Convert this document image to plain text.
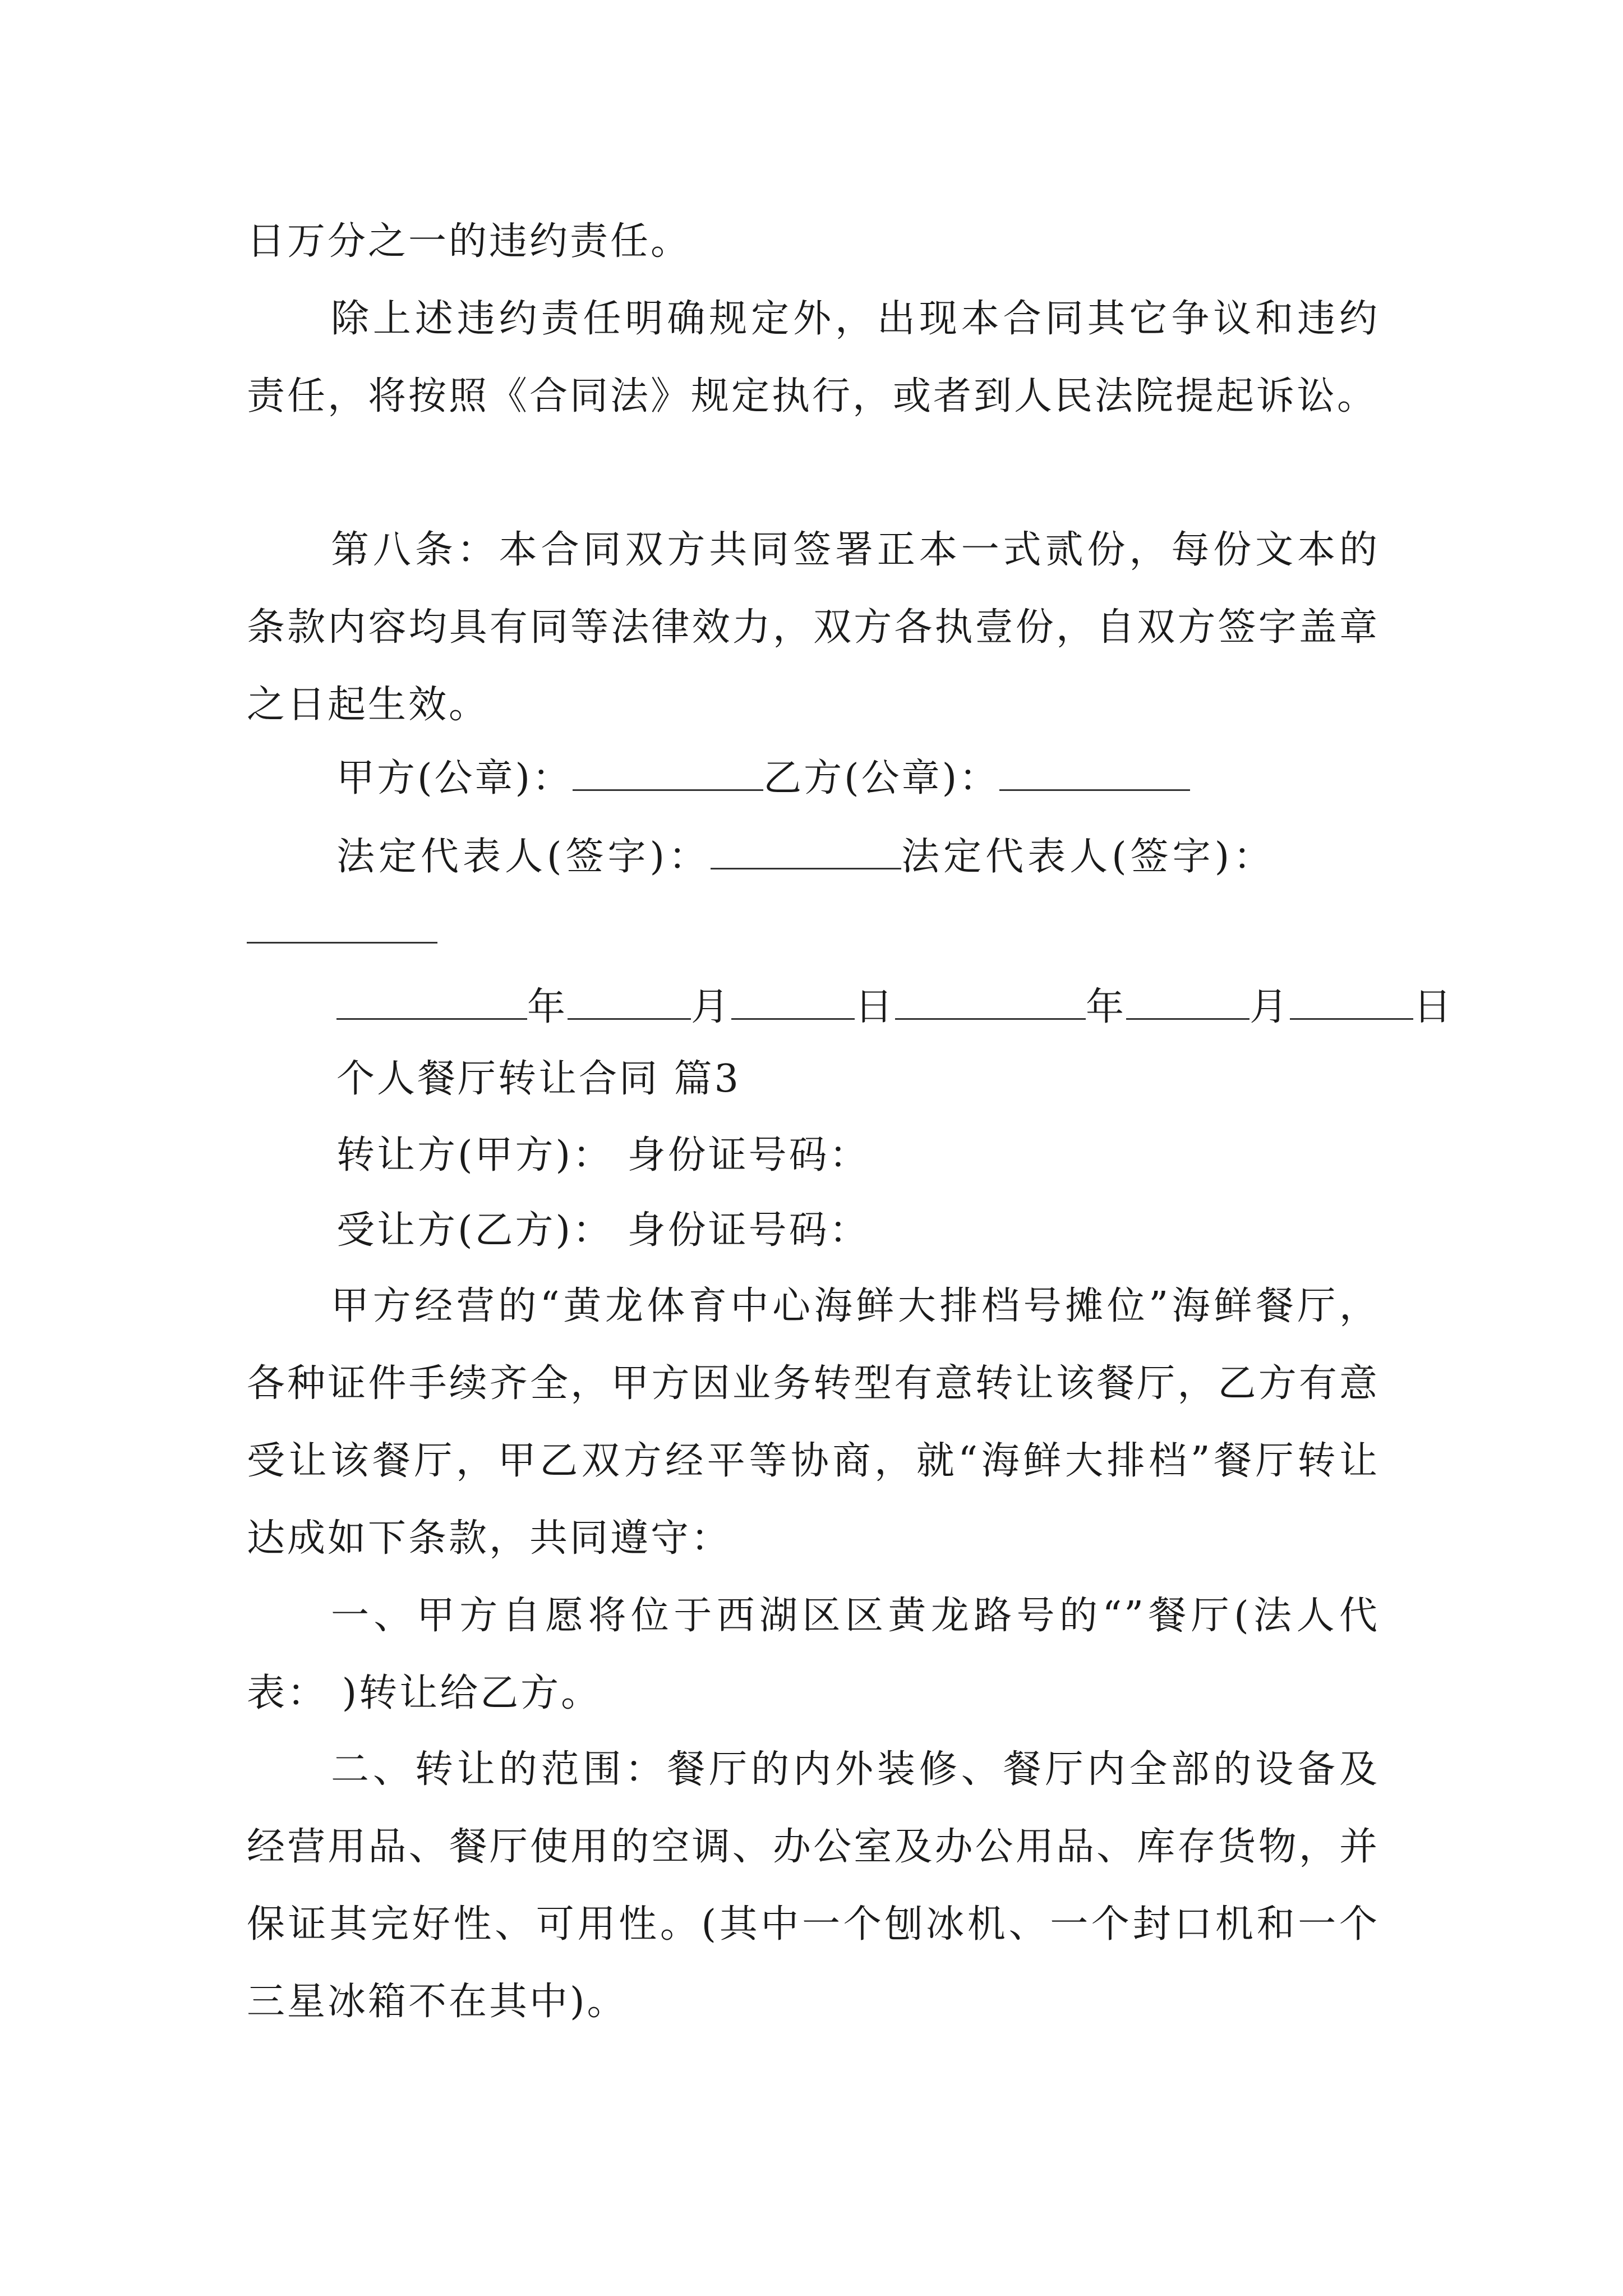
日万分之一的违约责任。

除上述违约责任明确规定外，出现本合同其它争议和违约责任，将按照《合同法》规定执行，或者到人民法院提起诉讼。

第八条：本合同双方共同签署正本一式贰份，每份文本的条款内容均具有同等法律效力，双方各执壹份，自双方签字盖章之日起生效。

甲方(公章)：	乙方(公章)：
法定代表人(签字)：	法定代表人(签字)：
年	月	日	年	月	日
个人餐厅转让合同 篇3
转让方(甲方)： 身份证号码：
受让方(乙方)： 身份证号码：

甲方经营的“黄龙体育中心海鲜大排档号摊位”海鲜餐厅，各种证件手续齐全，甲方因业务转型有意转让该餐厅，乙方有意受让该餐厅，甲乙双方经平等协商，就“海鲜大排档”餐厅转让达成如下条款，共同遵守：

一、甲方自愿将位于西湖区区黄龙路号的“”餐厅(法人代表： )转让给乙方。

二、转让的范围：餐厅的内外装修、餐厅内全部的设备及经营用品、餐厅使用的空调、办公室及办公用品、库存货物，并保证其完好性、可用性。(其中一个刨冰机、一个封口机和一个三星冰箱不在其中)。
